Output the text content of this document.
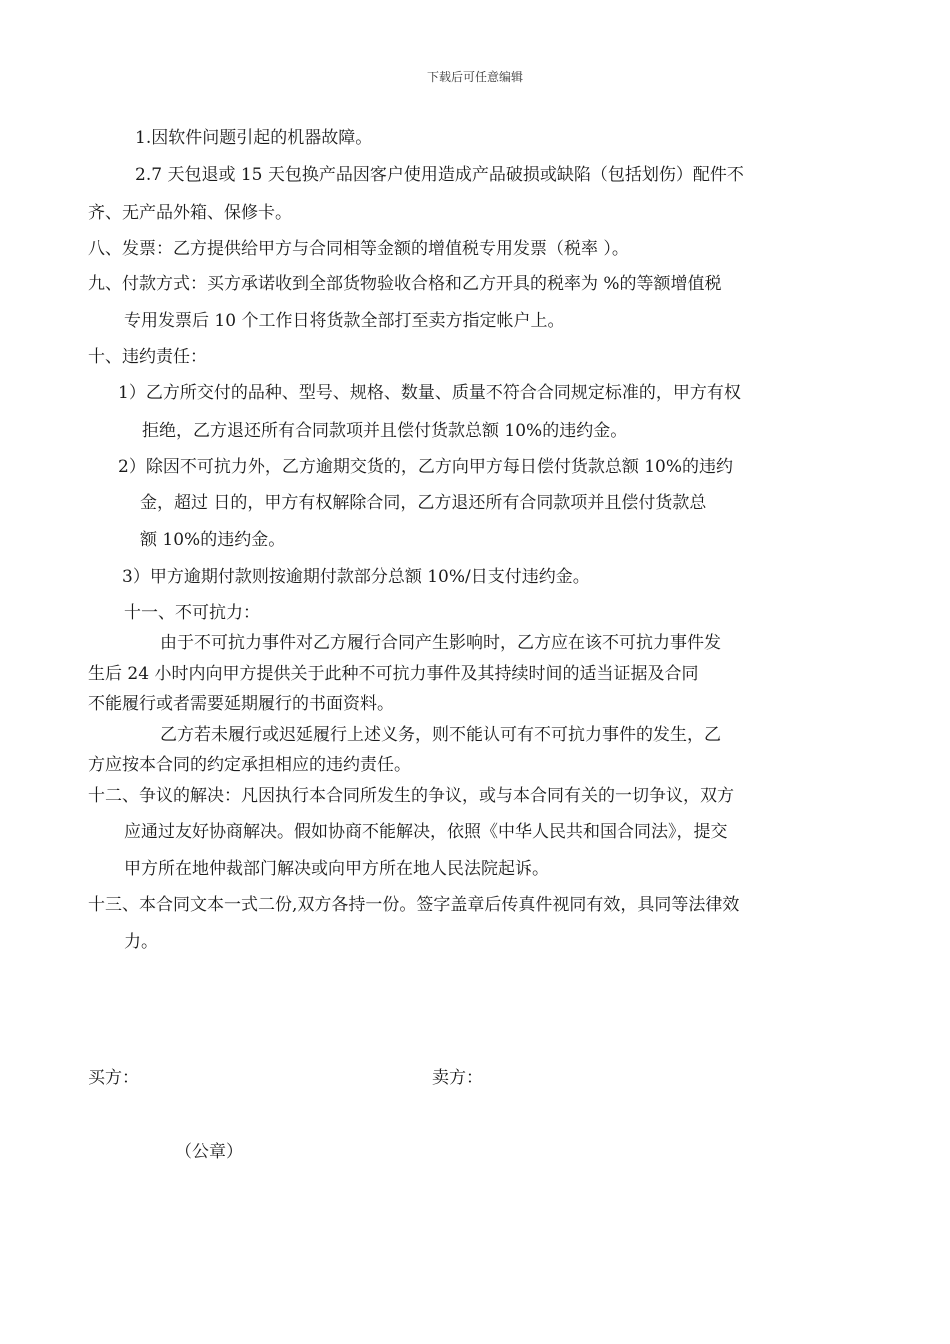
下载后可任意编辑
1.因软件问题引起的机器故障。
2.7 天包退或 15 天包换产品因客户使用造成产品破损或缺陷（包括划伤）配件不
齐、无产品外箱、保修卡。
八、发票：乙方提供给甲方与合同相等金额的增值税专用发票（税率 ）。
九、付款方式：买方承诺收到全部货物验收合格和乙方开具的税率为 %的等额增值税
专用发票后 10 个工作日将货款全部打至卖方指定帐户上。
十、违约责任：
1）乙方所交付的品种、型号、规格、数量、质量不符合合同规定标准的，甲方有权
拒绝，乙方退还所有合同款项并且偿付货款总额 10%的违约金。
2）除因不可抗力外，乙方逾期交货的，乙方向甲方每日偿付货款总额 10%的违约
金，超过 日的，甲方有权解除合同，乙方退还所有合同款项并且偿付货款总
额 10%的违约金。
3）甲方逾期付款则按逾期付款部分总额 10%/日支付违约金。
十一、不可抗力：
由于不可抗力事件对乙方履行合同产生影响时，乙方应在该不可抗力事件发
生后 24 小时内向甲方提供关于此种不可抗力事件及其持续时间的适当证据及合同
不能履行或者需要延期履行的书面资料。
乙方若未履行或迟延履行上述义务，则不能认可有不可抗力事件的发生，乙
方应按本合同的约定承担相应的违约责任。
十二、争议的解决：凡因执行本合同所发生的争议，或与本合同有关的一切争议，双方
应通过友好协商解决。假如协商不能解决，依照《中华人民共和国合同法》，提交
甲方所在地仲裁部门解决或向甲方所在地人民法院起诉。
十三、本合同文本一式二份,双方各持一份。签字盖章后传真件视同有效，具同等法律效
力。
买方：	卖方：
（公章）
